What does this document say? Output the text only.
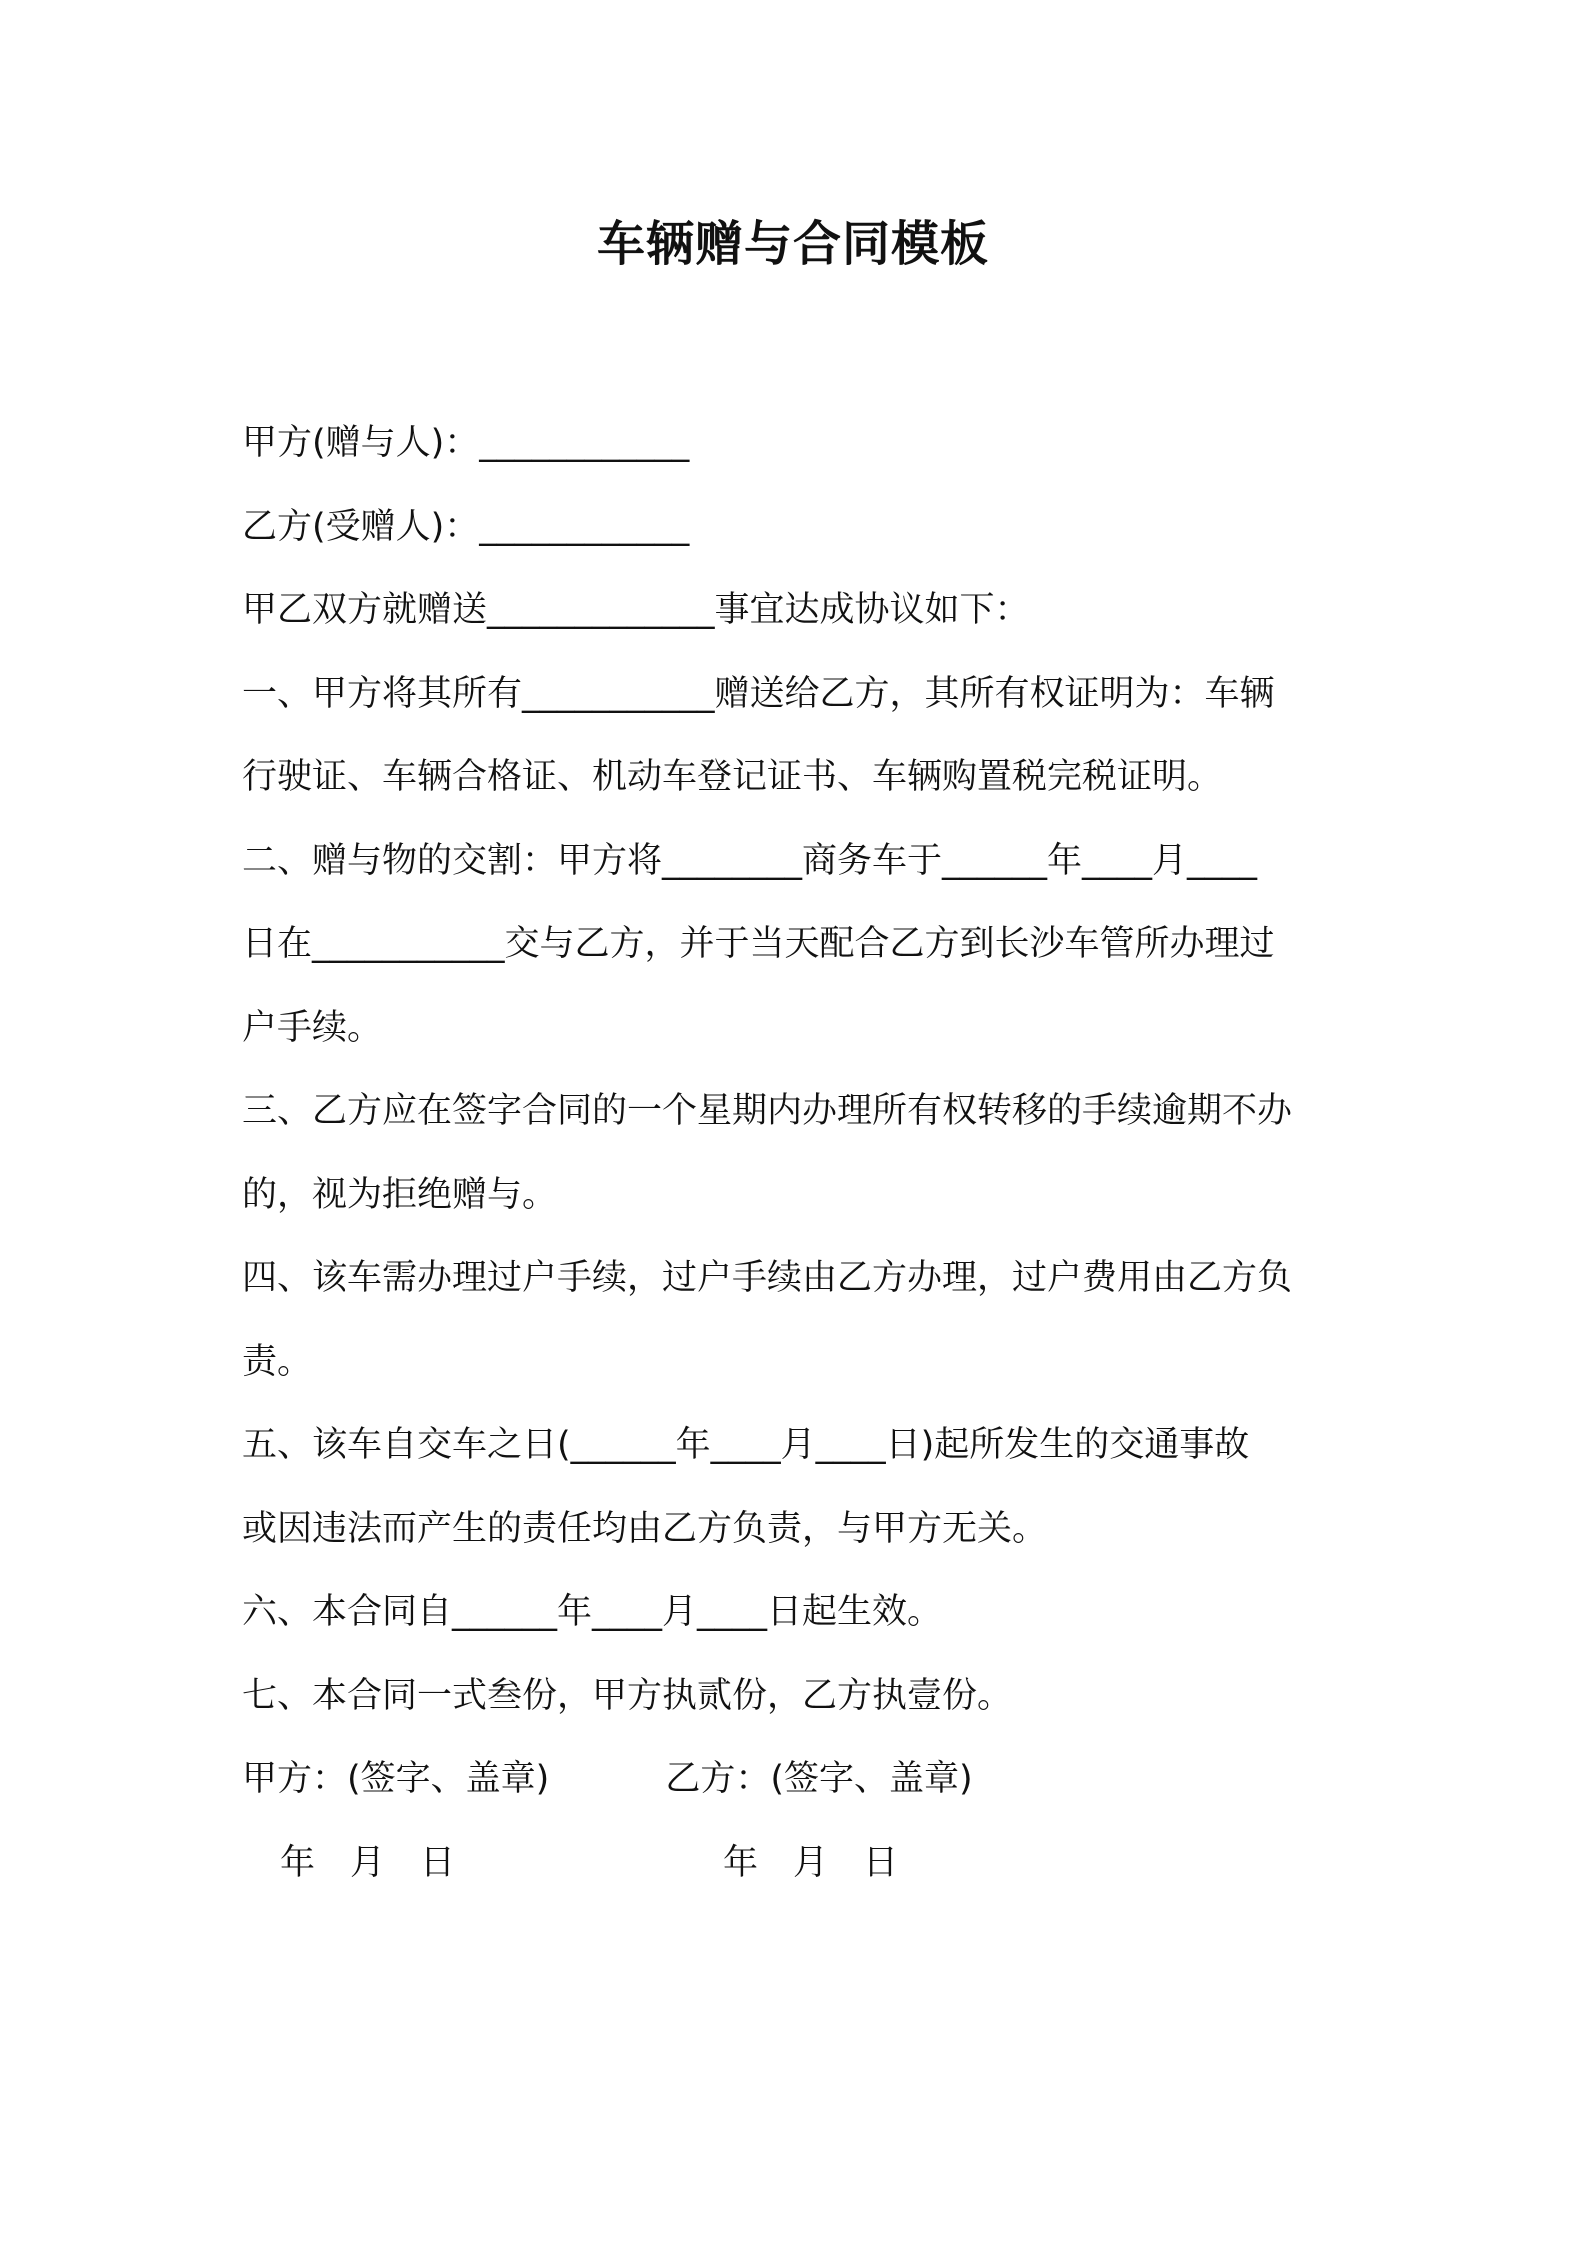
车辆赠与合同模板
甲方(赠与人)：____________
乙方(受赠人)：____________
甲乙双方就赠送_____________事宜达成协议如下：
一、甲方将其所有___________赠送给乙方，其所有权证明为：车辆
行驶证、车辆合格证、机动车登记证书、车辆购置税完税证明。
二、赠与物的交割：甲方将________商务车于______年____月____
日在___________交与乙方，并于当天配合乙方到长沙车管所办理过
户手续。
三、乙方应在签字合同的一个星期内办理所有权转移的手续逾期不办
的，视为拒绝赠与。
四、该车需办理过户手续，过户手续由乙方办理，过户费用由乙方负
责。
五、该车自交车之日(______年____月____日)起所发生的交通事故
或因违法而产生的责任均由乙方负责，与甲方无关。
六、本合同自______年____月____日起生效。
七、本合同一式叁份，甲方执贰份，乙方执壹份。
甲方：(签字、盖章)	乙方：(签字、盖章)
年　月　日	年　月　日
